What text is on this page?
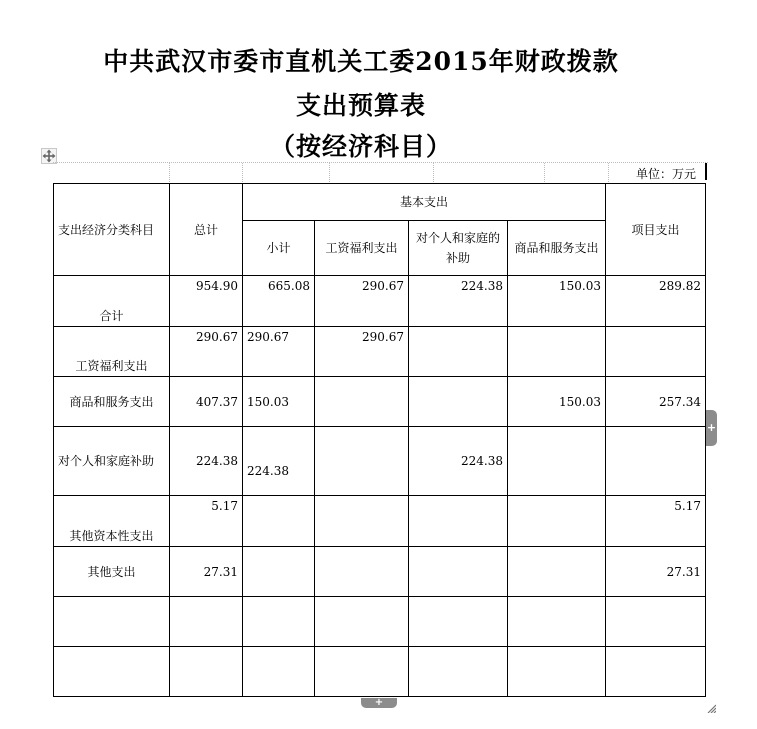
中共武汉市委市直机关工委2015年财政拨款
支出预算表
（按经济科目）
单位：万元
支出经济分类科目	总计	基本支出				项目支出
		小计	工资福利支出	对个人和家庭的补助	商品和服务支出	
合计	954.90	665.08	290.67	224.38	150.03	289.82
工资福利支出	290.67	290.67	290.67			
商品和服务支出	407.37	150.03			150.03	257.34
对个人和家庭补助	224.38	224.38		224.38		
其他资本性支出	5.17					5.17
其他支出	27.31					27.31

+
+
